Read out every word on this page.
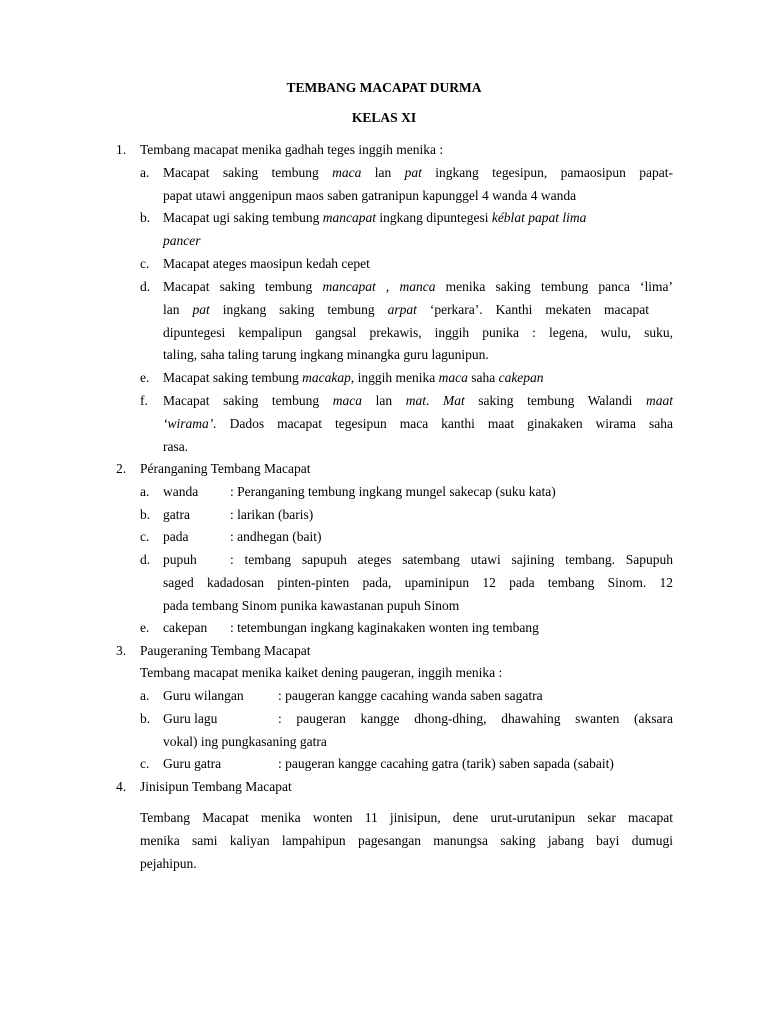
TEMBANG MACAPAT DURMA
KELAS XI
1. Tembang macapat menika gadhah teges inggih menika :
a. Macapat saking tembung maca lan pat ingkang tegesipun, pamaosipun papat-
papat utawi anggenipun maos saben gatranipun kapunggel 4 wanda 4 wanda
b. Macapat ugi saking tembung mancapat ingkang dipuntegesi kéblat papat lima
pancer
c. Macapat ateges maosipun kedah cepet
d. Macapat saking tembung mancapat , manca menika saking tembung panca ‘lima’
lan pat ingkang saking tembung arpat ‘perkara’. Kanthi mekaten macapat
dipuntegesi kempalipun gangsal prekawis, inggih punika : legena, wulu, suku,
taling, saha taling tarung ingkang minangka guru lagunipun.
e. Macapat saking tembung macakap, inggih menika maca saha cakepan
f. Macapat saking tembung maca lan mat. Mat saking tembung Walandi maat
‘wirama’. Dados macapat tegesipun maca kanthi maat ginakaken wirama saha
rasa.
2. Péranganing Tembang Macapat
a. wanda : Peranganing tembung ingkang mungel sakecap (suku kata)
b. gatra	: larikan (baris)
c. pada	: andhegan (bait)
d. pupuh : tembang sapupuh ateges satembang utawi sajining tembang. Sapupuh
saged kadadosan pinten-pinten pada, upaminipun 12 pada tembang Sinom. 12
pada tembang Sinom punika kawastanan pupuh Sinom
e. cakepan : tetembungan ingkang kaginakaken wonten ing tembang
3. Paugeraning Tembang Macapat
Tembang macapat menika kaiket dening paugeran, inggih menika :
a. Guru wilangan	: paugeran kangge cacahing wanda saben sagatra
b. Guru lagu	: paugeran kangge dhong-dhing, dhawahing swanten (aksara
vokal) ing pungkasaning gatra
c. Guru gatra	: paugeran kangge cacahing gatra (tarik) saben sapada (sabait)
4. Jinisipun Tembang Macapat
Tembang Macapat menika wonten 11 jinisipun, dene urut-urutanipun sekar macapat
menika sami kaliyan lampahipun pagesangan manungsa saking jabang bayi dumugi
pejahipun.
